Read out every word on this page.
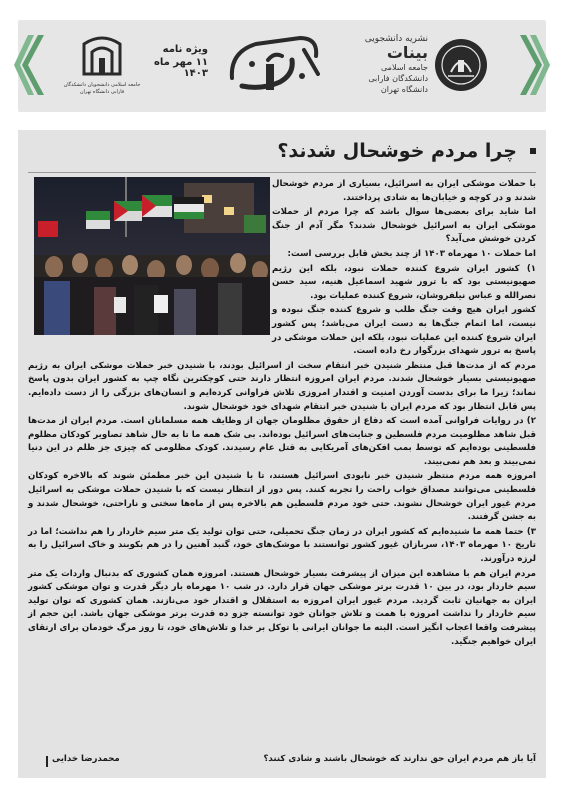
جامعه اسلامی دانشجویان دانشکدگان فارابی دانشگاه تهران
ویژه نامه
۱۱ مهر ماه ۱۴۰۳
نشریه دانشجویی
بینات
جامعه اسلامی
دانشکدگان فارابی
دانشگاه تهران
چرا مردم خوشحال شدند؟

با حملات موشکی ایران به اسرائیل، بسیاری از مردم خوشحال شدند و در کوچه و خیابان‌ها به شادی پرداختند.

اما شاید برای بعضی‌ها سوال باشد که چرا مردم از حملات موشکی ایران به اسرائیل خوشحال شدند؟ مگر آدم از جنگ کردن خوشش می‌آید؟

اما حملات ۱۰ مهرماه ۱۴۰۳ از چند بخش قابل بررسی است:

۱) کشور ایران شروع کننده حملات نبود، بلکه این رژیم صهیونیستی بود که با ترور شهید اسماعیل هنیه، سید حسن نصرالله و عباس نیلفروشان، شروع کننده عملیات بود.

کشور ایران هیچ وقت جنگ طلب و شروع کننده جنگ نبوده و نیست، اما اتمام جنگ‌ها به دست ایران می‌باشد؛ پس کشور ایران شروع کننده این عملیات نبود، بلکه این حملات موشکی در پاسخ به ترور شهدای بزرگوار رخ داده است.

مردم که از مدت‌ها قبل منتظر شنیدن خبر انتقام سخت از اسرائیل بودند، با شنیدن خبر حملات موشکی ایران به رژیم صهیونیستی بسیار خوشحال شدند. مردم ایران امروزه انتظار دارند حتی کوچکترین نگاه چپ به کشور ایران بدون پاسخ نماند؛ زیرا ما برای بدست آوردن امنیت و اقتدار امروزی تلاش فراوانی کرده‌ایم و انسان‌های بزرگی را از دست داده‌ایم. پس قابل انتظار بود که مردم ایران با شنیدن خبر انتقام شهدای خود خوشحال شوند.

۲) در روایات فراوانی آمده است که دفاع از حقوق مظلومان جهان از وظایف همه مسلمانان است. مردم ایران از مدت‌ها قبل شاهد مظلومیت مردم فلسطین و جنایت‌های اسرائیل بوده‌اند. بی شک همه ما تا به حال شاهد تصاویر کودکان مظلوم فلسطینی بوده‌ایم که توسط بمب افکن‌های آمریکایی به قتل عام رسیدند. کودک مظلومی که چیزی جز ظلم در این دنیا نمی‌بیند و بعد هم نمی‌بیند.

امروزه همه مردم منتظر شنیدن خبر نابودی اسرائیل هستند، تا با شنیدن این خبر مطمئن شوند که بالاخره کودکان فلسطینی می‌توانند مصداق خواب راحت را تجربه کنند. پس دور از انتظار نیست که با شنیدن حملات موشکی به اسرائیل مردم غیور ایران خوشحال نشوند. حتی خود مردم فلسطین هم بالاخره پس از ماه‌ها سختی و ناراحتی، خوشحال شدند و به جشن گرفتند.

۳) حتما همه ما شنیده‌ایم که کشور ایران در زمان جنگ تحمیلی، حتی توان تولید یک متر سیم خاردار را هم نداشت؛ اما در تاریخ ۱۰ مهرماه ۱۴۰۳، سربازان غیور کشور توانستند با موشک‌های خود، گنبد آهنین را در هم بکوبند و خاک اسرائیل را به لرزه درآورند.

مردم ایران هم با مشاهده این میزان از پیشرفت بسیار خوشحال هستند. امروزه همان کشوری که بدنبال واردات یک متر سیم خاردار بود، در بین ۱۰ قدرت برتر موشکی جهان قرار دارد. در شب ۱۰ مهرماه بار دیگر قدرت و توان موشکی کشور ایران به جهانیان ثابت گردید. مردم غیور ایران امروزه به استقلال و اقتدار خود می‌نازند. همان کشوری که توان تولید سیم خاردار را نداشت امروزه با همت و تلاش جوانان خود توانسته جزو ده قدرت برتر موشکی جهان باشد. این حجم از پیشرفت واقعا اعجاب انگیز است. البته ما جوانان ایرانی با توکل بر خدا و تلاش‌های خود، تا روز مرگ خودمان برای ارتقای ایران خواهیم جنگید.

آیا باز هم مردم ایران حق ندارند که خوشحال باشند و شادی کنند؟
محمدرضا خدایی
